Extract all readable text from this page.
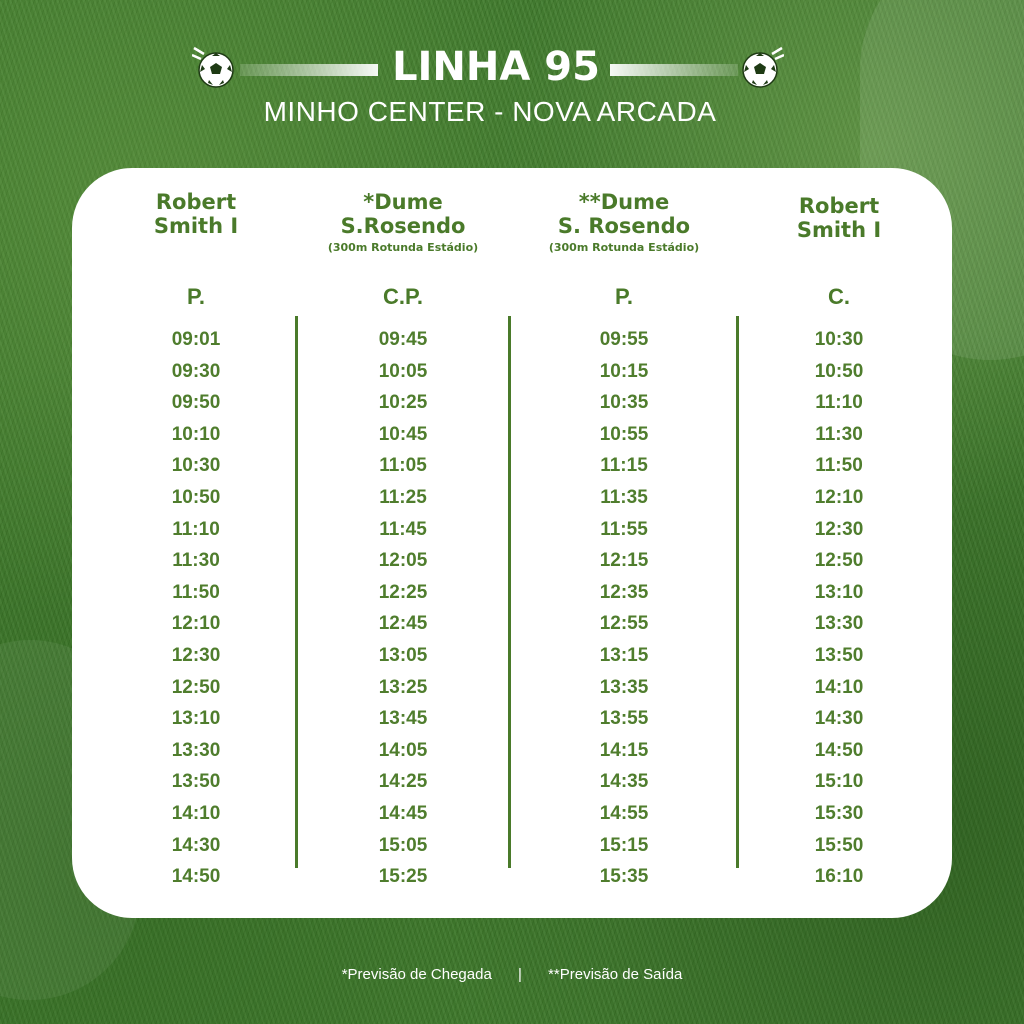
LINHA 95
MINHO CENTER - NOVA ARCADA
Robert
Smith I
P.
09:01
09:30
09:50
10:10
10:30
10:50
11:10
11:30
11:50
12:10
12:30
12:50
13:10
13:30
13:50
14:10
14:30
14:50
*Dume
S.Rosendo
(300m Rotunda Estádio)
C.P.
09:45
10:05
10:25
10:45
11:05
11:25
11:45
12:05
12:25
12:45
13:05
13:25
13:45
14:05
14:25
14:45
15:05
15:25
**Dume
S. Rosendo
(300m Rotunda Estádio)
P.
09:55
10:15
10:35
10:55
11:15
11:35
11:55
12:15
12:35
12:55
13:15
13:35
13:55
14:15
14:35
14:55
15:15
15:35
Robert
Smith I
C.
10:30
10:50
11:10
11:30
11:50
12:10
12:30
12:50
13:10
13:30
13:50
14:10
14:30
14:50
15:10
15:30
15:50
16:10
*Previsão de Chegada | **Previsão de Saída
